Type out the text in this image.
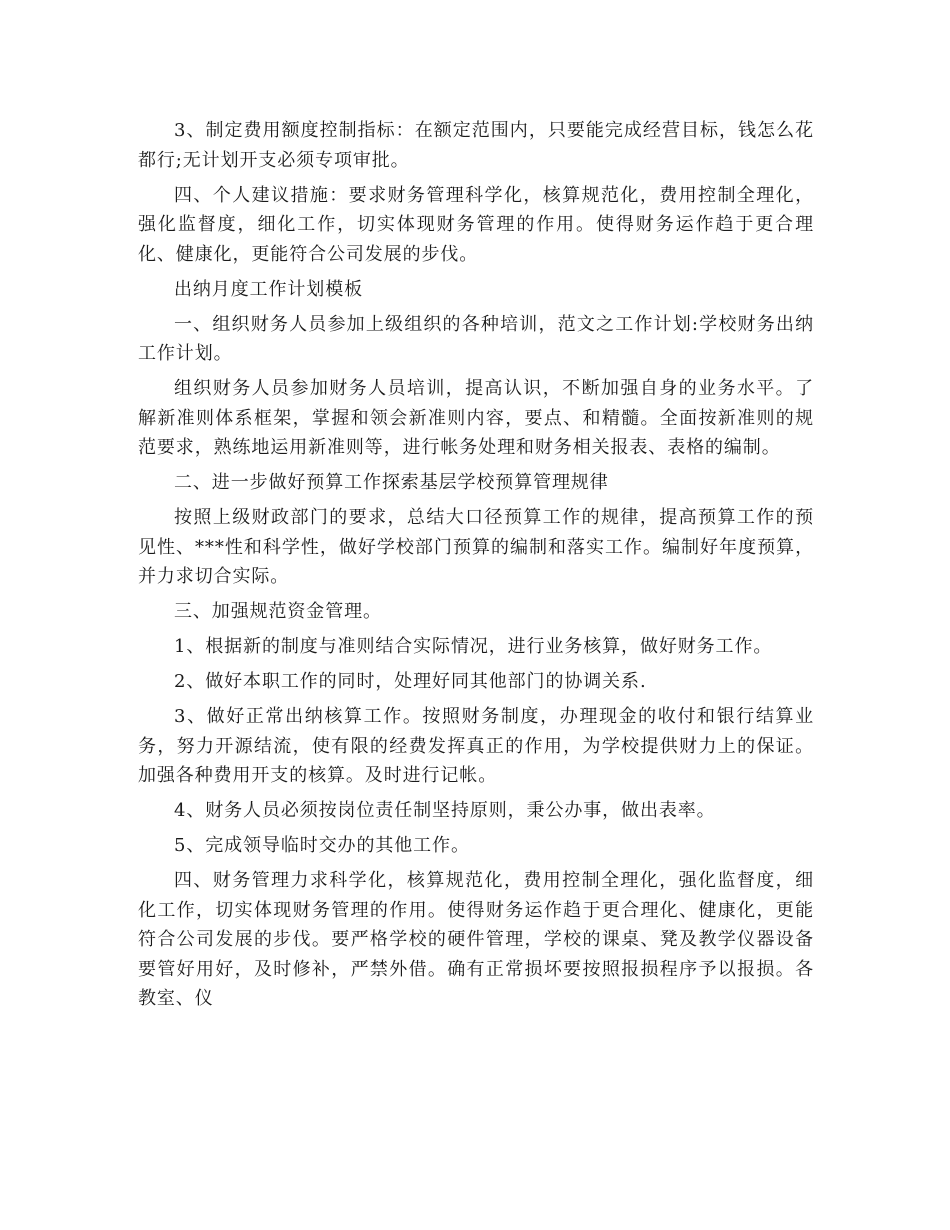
3、制定费用额度控制指标：在额定范围内，只要能完成经营目标，钱怎么花都行;无计划开支必须专项审批。

四、个人建议措施：要求财务管理科学化，核算规范化，费用控制全理化，强化监督度，细化工作，切实体现财务管理的作用。使得财务运作趋于更合理化、健康化，更能符合公司发展的步伐。

出纳月度工作计划模板

一、组织财务人员参加上级组织的各种培训，范文之工作计划:学校财务出纳工作计划。

组织财务人员参加财务人员培训，提高认识，不断加强自身的业务水平。了解新准则体系框架，掌握和领会新准则内容，要点、和精髓。全面按新准则的规范要求，熟练地运用新准则等，进行帐务处理和财务相关报表、表格的编制。

二、进一步做好预算工作探索基层学校预算管理规律

按照上级财政部门的要求，总结大口径预算工作的规律，提高预算工作的预见性、***性和科学性，做好学校部门预算的编制和落实工作。编制好年度预算，并力求切合实际。

三、加强规范资金管理。

1、根据新的制度与准则结合实际情况，进行业务核算，做好财务工作。

2、做好本职工作的同时，处理好同其他部门的协调关系.

3、做好正常出纳核算工作。按照财务制度，办理现金的收付和银行结算业务，努力开源结流，使有限的经费发挥真正的作用，为学校提供财力上的保证。加强各种费用开支的核算。及时进行记帐。

4、财务人员必须按岗位责任制坚持原则，秉公办事，做出表率。

5、完成领导临时交办的其他工作。

四、财务管理力求科学化，核算规范化，费用控制全理化，强化监督度，细化工作，切实体现财务管理的作用。使得财务运作趋于更合理化、健康化，更能符合公司发展的步伐。要严格学校的硬件管理，学校的课桌、凳及教学仪器设备要管好用好，及时修补，严禁外借。确有正常损坏要按照报损程序予以报损。各教室、仪
